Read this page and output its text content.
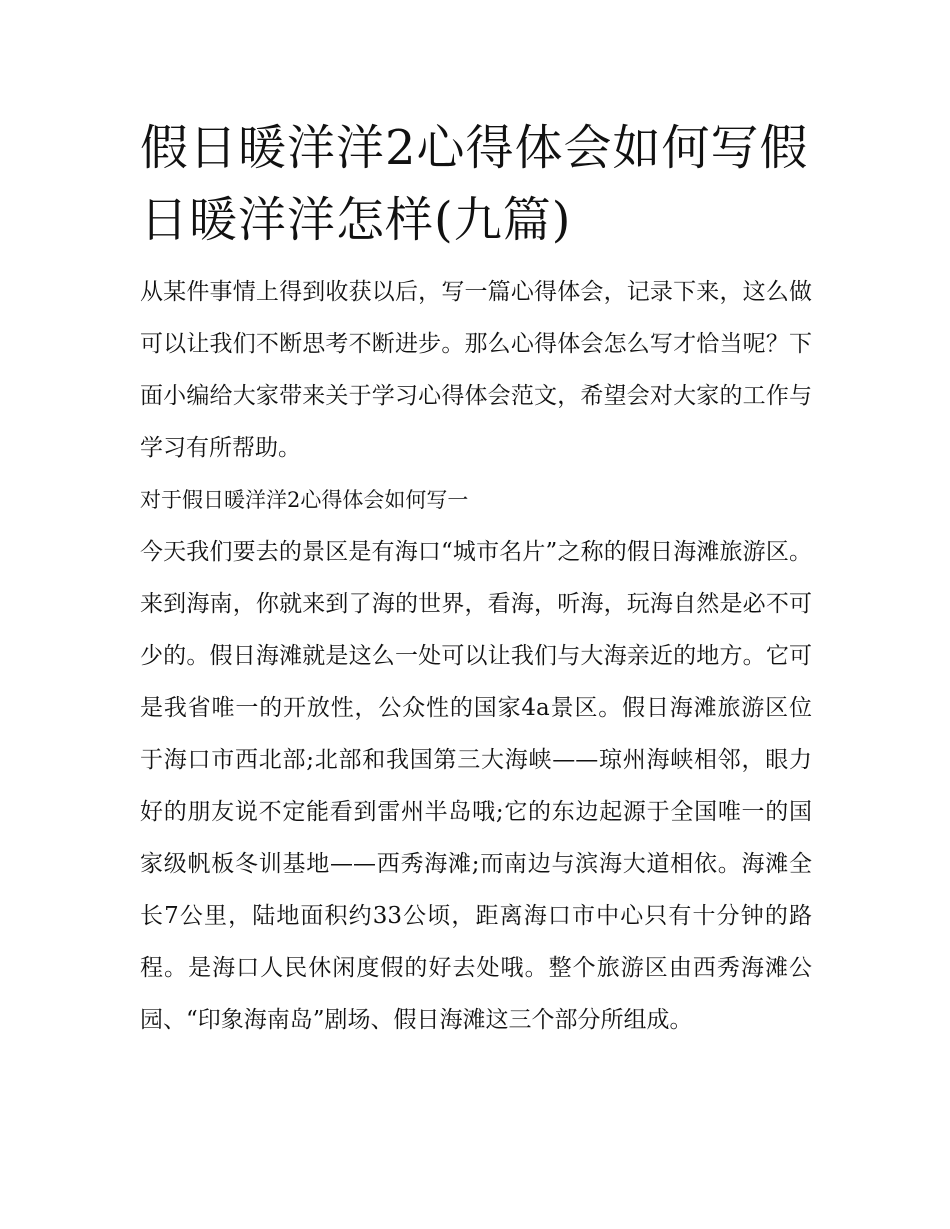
假日暖洋洋2心得体会如何写假日暖洋洋怎样(九篇)

从某件事情上得到收获以后，写一篇心得体会，记录下来，这么做可以让我们不断思考不断进步。那么心得体会怎么写才恰当呢？下面小编给大家带来关于学习心得体会范文，希望会对大家的工作与学习有所帮助。

对于假日暖洋洋2心得体会如何写一

今天我们要去的景区是有海口“城市名片”之称的假日海滩旅游区。来到海南，你就来到了海的世界，看海，听海，玩海自然是必不可少的。假日海滩就是这么一处可以让我们与大海亲近的地方。它可是我省唯一的开放性，公众性的国家4a景区。假日海滩旅游区位于海口市西北部;北部和我国第三大海峡——琼州海峡相邻，眼力好的朋友说不定能看到雷州半岛哦;它的东边起源于全国唯一的国家级帆板冬训基地——西秀海滩;而南边与滨海大道相依。海滩全长7公里，陆地面积约33公顷，距离海口市中心只有十分钟的路程。是海口人民休闲度假的好去处哦。整个旅游区由西秀海滩公园、“印象海南岛”剧场、假日海滩这三个部分所组成。
